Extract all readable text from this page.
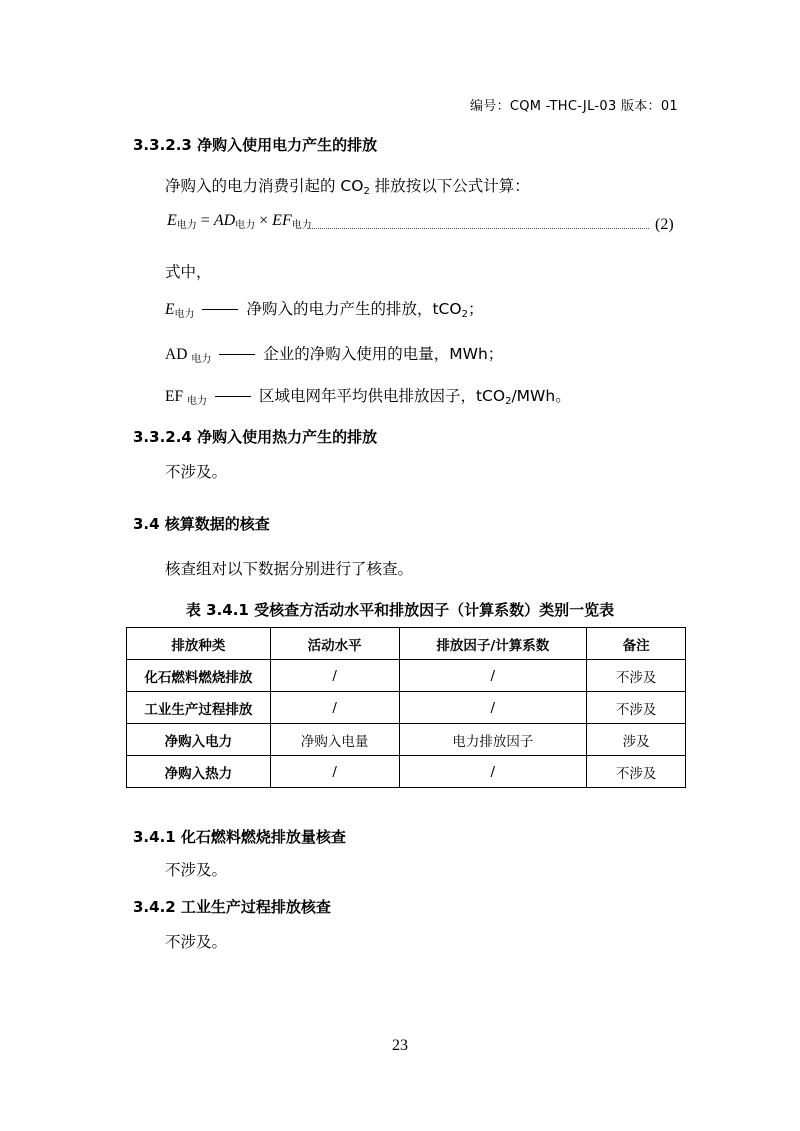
编号：CQM -THC-JL-03 版本：01
3.3.2.3 净购入使用电力产生的排放
净购入的电力消费引起的 $CO_2$ 排放按以下公式计算：
$E_{电力} = AD_{电力} \times EF_{电力}$	(2)
式中，
$E_{电力}$	净购入的电力产生的排放，tCO$_2$；
AD $_{电力}$	企业的净购入使用的电量，MWh；
EF $_{电力}$	区域电网年平均供电排放因子，tCO$_2$/MWh。
3.3.2.4 净购入使用热力产生的排放
不涉及。
3.4 核算数据的核查
核查组对以下数据分别进行了核查。
表 3.4.1 受核查方活动水平和排放因子（计算系数）类别一览表
排放种类	活动水平	排放因子/计算系数	备注
化石燃料燃烧排放	/	/	不涉及
工业生产过程排放	/	/	不涉及
净购入电力	净购入电量	电力排放因子	涉及
净购入热力	/	/	不涉及
3.4.1 化石燃料燃烧排放量核查
不涉及。
3.4.2 工业生产过程排放核查
不涉及。
23
